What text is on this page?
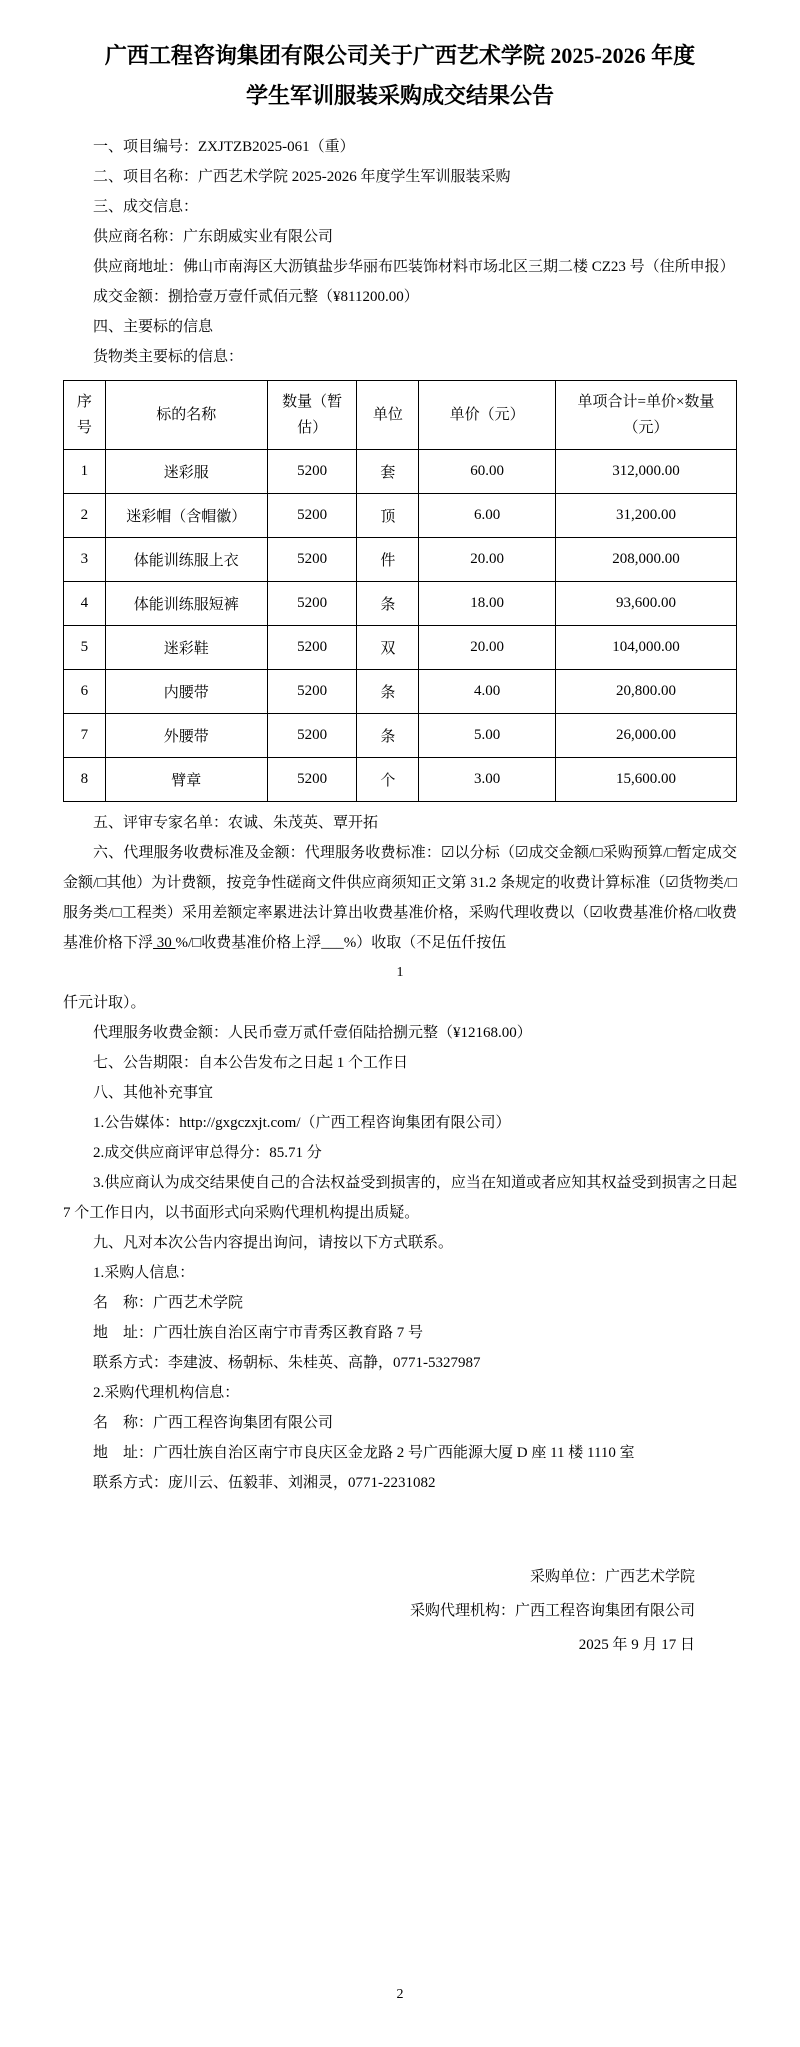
广西工程咨询集团有限公司关于广西艺术学院 2025-2026 年度
学生军训服装采购成交结果公告

一、项目编号：ZXJTZB2025-061（重）

二、项目名称：广西艺术学院 2025-2026 年度学生军训服装采购

三、成交信息：

供应商名称：广东朗威实业有限公司

供应商地址：佛山市南海区大沥镇盐步华丽布匹装饰材料市场北区三期二楼 CZ23 号（住所申报）

成交金额：捌拾壹万壹仟贰佰元整（¥811200.00）

四、主要标的信息

货物类主要标的信息：

序号	标的名称	数量（暂估）	单位	单价（元）	单项合计=单价×数量（元）
1	迷彩服	5200	套	60.00	312,000.00
2	迷彩帽（含帽徽）	5200	顶	6.00	31,200.00
3	体能训练服上衣	5200	件	20.00	208,000.00
4	体能训练服短裤	5200	条	18.00	93,600.00
5	迷彩鞋	5200	双	20.00	104,000.00
6	内腰带	5200	条	4.00	20,800.00
7	外腰带	5200	条	5.00	26,000.00
8	臂章	5200	个	3.00	15,600.00

五、评审专家名单：农诚、朱茂英、覃开拓

六、代理服务收费标准及金额：代理服务收费标准：☑以分标（☑成交金额/□采购预算/□暂定成交金额/□其他）为计费额，按竞争性磋商文件供应商须知正文第 31.2 条规定的收费计算标准（☑货物类/□服务类/□工程类）采用差额定率累进法计算出收费基准价格，采购代理收费以（☑收费基准价格/□收费基准价格下浮 30 %/□收费基准价格上浮___%）收取（不足伍仟按伍

1

仟元计取）。

代理服务收费金额：人民币壹万贰仟壹佰陆拾捌元整（¥12168.00）

七、公告期限：自本公告发布之日起 1 个工作日

八、其他补充事宜

1.公告媒体：http://gxgczxjt.com/（广西工程咨询集团有限公司）

2.成交供应商评审总得分：85.71 分

3.供应商认为成交结果使自己的合法权益受到损害的，应当在知道或者应知其权益受到损害之日起 7 个工作日内，以书面形式向采购代理机构提出质疑。

九、凡对本次公告内容提出询问，请按以下方式联系。

1.采购人信息：

名　称：广西艺术学院

地　址：广西壮族自治区南宁市青秀区教育路 7 号

联系方式：李建波、杨朝标、朱桂英、高静，0771-5327987

2.采购代理机构信息：

名　称：广西工程咨询集团有限公司

地　址：广西壮族自治区南宁市良庆区金龙路 2 号广西能源大厦 D 座 11 楼 1110 室

联系方式：庞川云、伍毅菲、刘湘灵，0771-2231082

采购单位：广西艺术学院
采购代理机构：广西工程咨询集团有限公司
2025 年 9 月 17 日
2
